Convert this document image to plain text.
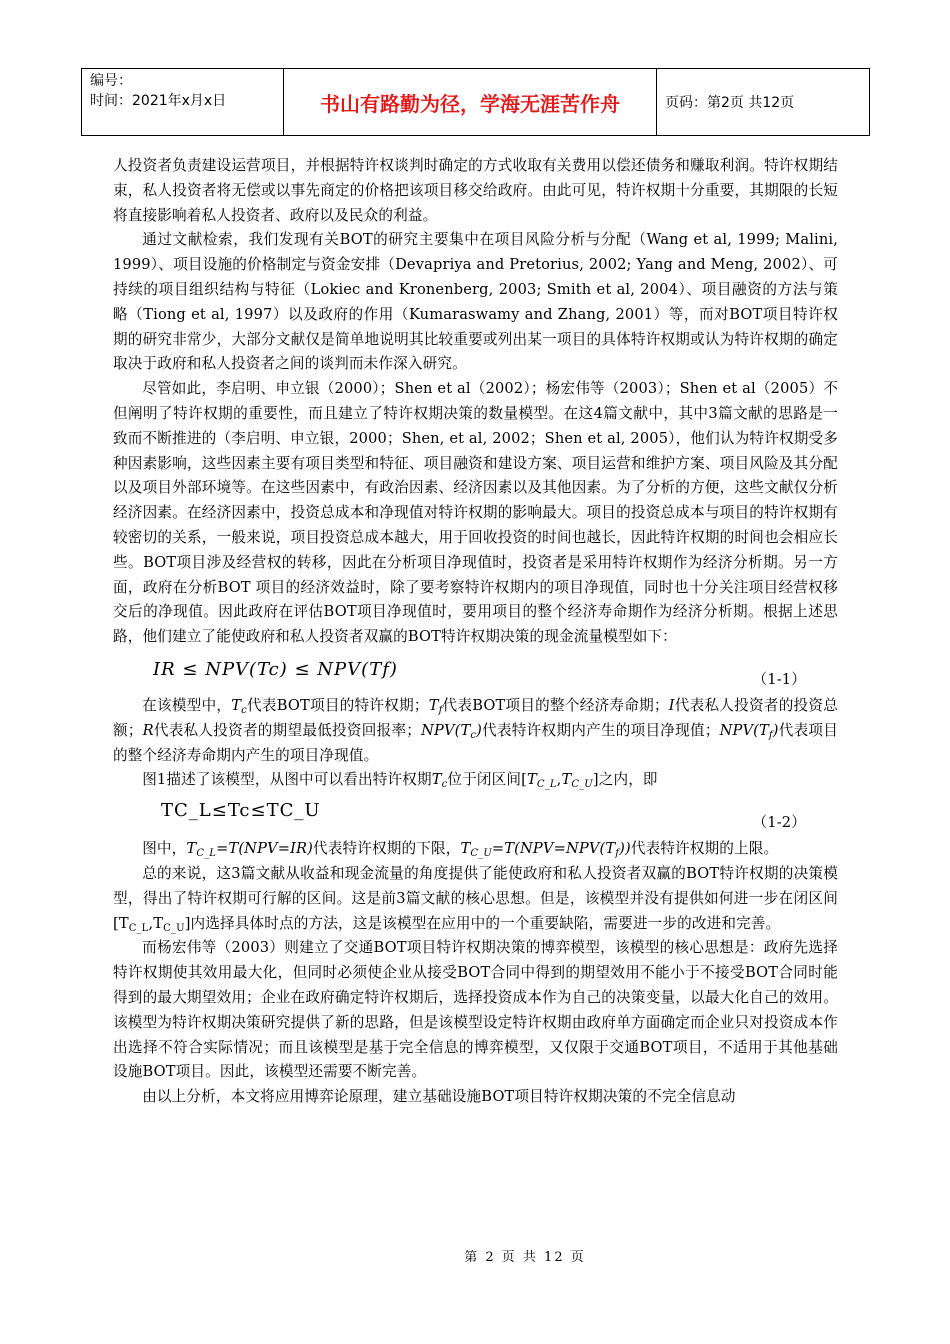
编号：
时间：2021年x月x日	书山有路勤为径，学海无涯苦作舟	页码：第2页 共12页

人投资者负责建设运营项目，并根据特许权谈判时确定的方式收取有关费用以偿还债务和赚取利润。特许权期结束，私人投资者将无偿或以事先商定的价格把该项目移交给政府。由此可见，特许权期十分重要，其期限的长短将直接影响着私人投资者、政府以及民众的利益。

通过文献检索，我们发现有关BOT的研究主要集中在项目风险分析与分配（Wang et al, 1999; Malini, 1999）、项目设施的价格制定与资金安排（Devapriya and Pretorius, 2002; Yang and Meng, 2002）、可持续的项目组织结构与特征（Lokiec and Kronenberg, 2003; Smith et al, 2004）、项目融资的方法与策略（Tiong et al, 1997）以及政府的作用（Kumaraswamy and Zhang, 2001）等，而对BOT项目特许权期的研究非常少，大部分文献仅是简单地说明其比较重要或列出某一项目的具体特许权期或认为特许权期的确定取决于政府和私人投资者之间的谈判而未作深入研究。

尽管如此，李启明、申立银（2000）；Shen et al（2002）；杨宏伟等（2003）；Shen et al（2005）不但阐明了特许权期的重要性，而且建立了特许权期决策的数量模型。在这4篇文献中，其中3篇文献的思路是一致而不断推进的（李启明、申立银，2000；Shen, et al, 2002；Shen et al, 2005），他们认为特许权期受多种因素影响，这些因素主要有项目类型和特征、项目融资和建设方案、项目运营和维护方案、项目风险及其分配以及项目外部环境等。在这些因素中，有政治因素、经济因素以及其他因素。为了分析的方便，这些文献仅分析经济因素。在经济因素中，投资总成本和净现值对特许权期的影响最大。项目的投资总成本与项目的特许权期有较密切的关系，一般来说，项目投资总成本越大，用于回收投资的时间也越长，因此特许权期的时间也会相应长些。BOT项目涉及经营权的转移，因此在分析项目净现值时，投资者是采用特许权期作为经济分析期。另一方面，政府在分析BOT 项目的经济效益时，除了要考察特许权期内的项目净现值，同时也十分关注项目经营权移交后的净现值。因此政府在评估BOT项目净现值时，要用项目的整个经济寿命期作为经济分析期。根据上述思路，他们建立了能使政府和私人投资者双赢的BOT特许权期决策的现金流量模型如下：

IR ≤ NPV(Tc) ≤ NPV(Tf)	（1-1）

在该模型中，$T_c$代表BOT项目的特许权期；$T_f$代表BOT项目的整个经济寿命期；I代表私人投资者的投资总额；R代表私人投资者的期望最低投资回报率；$NPV(T_c)$代表特许权期内产生的项目净现值；$NPV(T_f)$代表项目的整个经济寿命期内产生的项目净现值。

图1描述了该模型，从图中可以看出特许权期$T_c$位于闭区间$[T_{C\_L},T_{C\_U}]$之内，即

TC_L≤Tc≤TC_U
（1-2）

图中，$T_{C\_L}=T(NPV=IR)$代表特许权期的下限，$T_{C\_U}=T(NPV=NPV(T_f))$代表特许权期的上限。

总的来说，这3篇文献从收益和现金流量的角度提供了能使政府和私人投资者双赢的BOT特许权期的决策模型，得出了特许权期可行解的区间。这是前3篇文献的核心思想。但是，该模型并没有提供如何进一步在闭区间$[T_{C\_L},T_{C\_U}]$内选择具体时点的方法，这是该模型在应用中的一个重要缺陷，需要进一步的改进和完善。

而杨宏伟等（2003）则建立了交通BOT项目特许权期决策的博弈模型，该模型的核心思想是：政府先选择特许权期使其效用最大化，但同时必须使企业从接受BOT合同中得到的期望效用不能小于不接受BOT合同时能得到的最大期望效用；企业在政府确定特许权期后，选择投资成本作为自己的决策变量，以最大化自己的效用。该模型为特许权期决策研究提供了新的思路，但是该模型设定特许权期由政府单方面确定而企业只对投资成本作出选择不符合实际情况；而且该模型是基于完全信息的博弈模型，又仅限于交通BOT项目，不适用于其他基础设施BOT项目。因此，该模型还需要不断完善。

由以上分析，本文将应用博弈论原理，建立基础设施BOT项目特许权期决策的不完全信息动

第 2 页 共 12 页
